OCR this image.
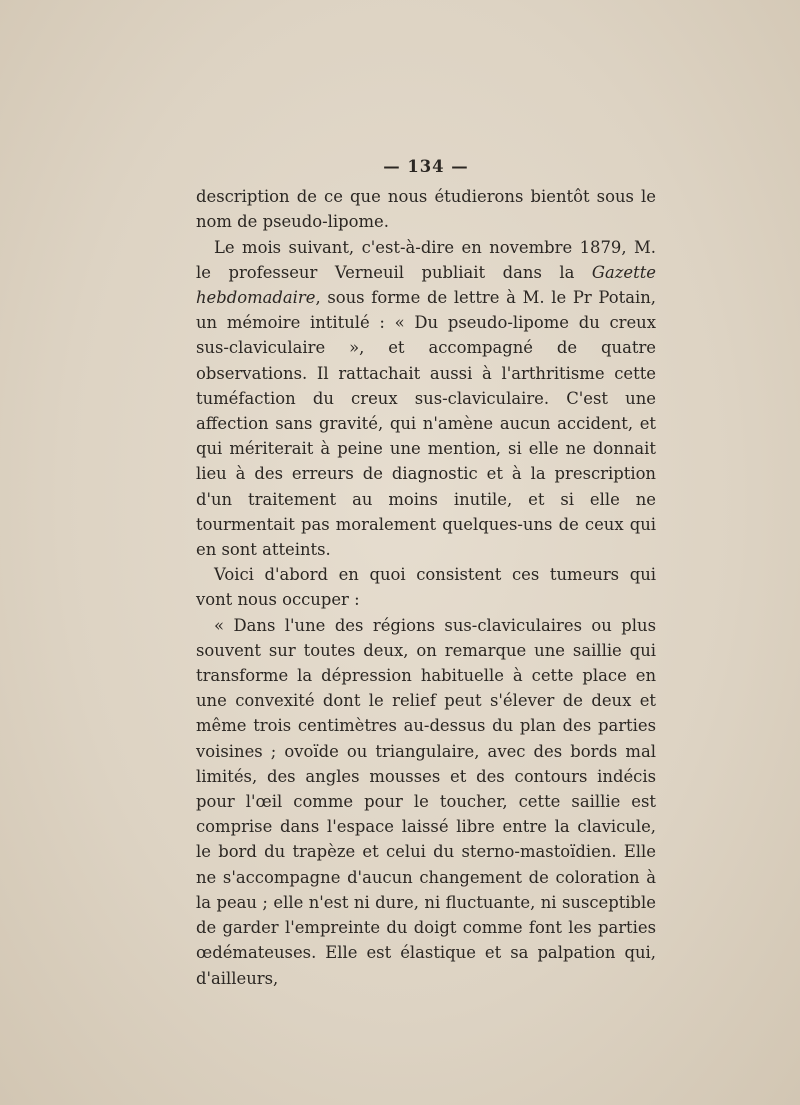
— 134 —

description de ce que nous étudierons bientôt sous le nom de pseudo-lipome.

Le mois suivant, c'est-à-dire en novembre 1879, M. le professeur Verneuil publiait dans la Gazette hebdomadaire, sous forme de lettre à M. le Pr Potain, un mémoire intitulé : « Du pseudo-lipome du creux sus-claviculaire », et accompagné de quatre observations. Il rattachait aussi à l'arthritisme cette tuméfaction du creux sus-claviculaire. C'est une affection sans gravité, qui n'amène aucun accident, et qui mériterait à peine une mention, si elle ne donnait lieu à des erreurs de diagnostic et à la prescription d'un traitement au moins inutile, et si elle ne tourmentait pas moralement quelques-uns de ceux qui en sont atteints.

Voici d'abord en quoi consistent ces tumeurs qui vont nous occuper :

« Dans l'une des régions sus-claviculaires ou plus souvent sur toutes deux, on remarque une saillie qui transforme la dépression habituelle à cette place en une convexité dont le relief peut s'élever de deux et même trois centimètres au-dessus du plan des parties voisines ; ovoïde ou triangulaire, avec des bords mal limités, des angles mousses et des contours indécis pour l'œil comme pour le toucher, cette saillie est comprise dans l'espace laissé libre entre la clavicule, le bord du trapèze et celui du sterno-mastoïdien. Elle ne s'accompagne d'aucun changement de coloration à la peau ; elle n'est ni dure, ni fluctuante, ni susceptible de garder l'empreinte du doigt comme font les parties œdémateuses. Elle est élastique et sa palpation qui, d'ailleurs,
